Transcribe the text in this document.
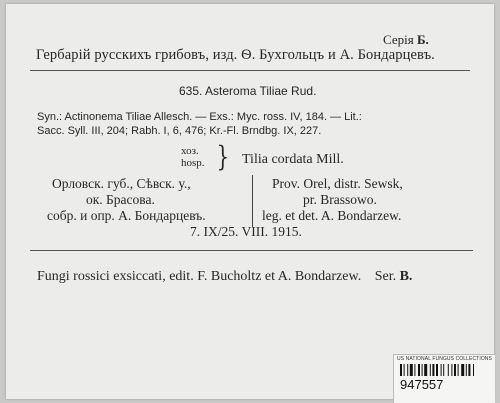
Серія Б.
Гербарій русскихъ грибовъ, изд. Ѳ. Бухгольцъ и А. Бондарцевъ.
635. Asteroma Tiliae Rud.
Syn.: Actinonema Tiliae Allesch. — Exs.: Myc. ross. IV, 184. — Lit.:
Sacc. Syll. III, 204; Rabh. I, 6, 476; Kr.-Fl. Brndbg. IX, 227.
хоз.
hosp. } Tilia cordata Mill.
Орловск. губ., Сѣвск. у.,
ок. Брасова.
собр. и опр. А. Бондарцевъ.
Prov. Orel, distr. Sewsk,
pr. Brassowo.
leg. et det. A. Bondarzew.
7. IX/25. VIII. 1915.
Fungi rossici exsiccati, edit. F. Bucholtz et A. Bondarzew. Ser. B.
US NATIONAL FUNGUS COLLECTIONS
947557
